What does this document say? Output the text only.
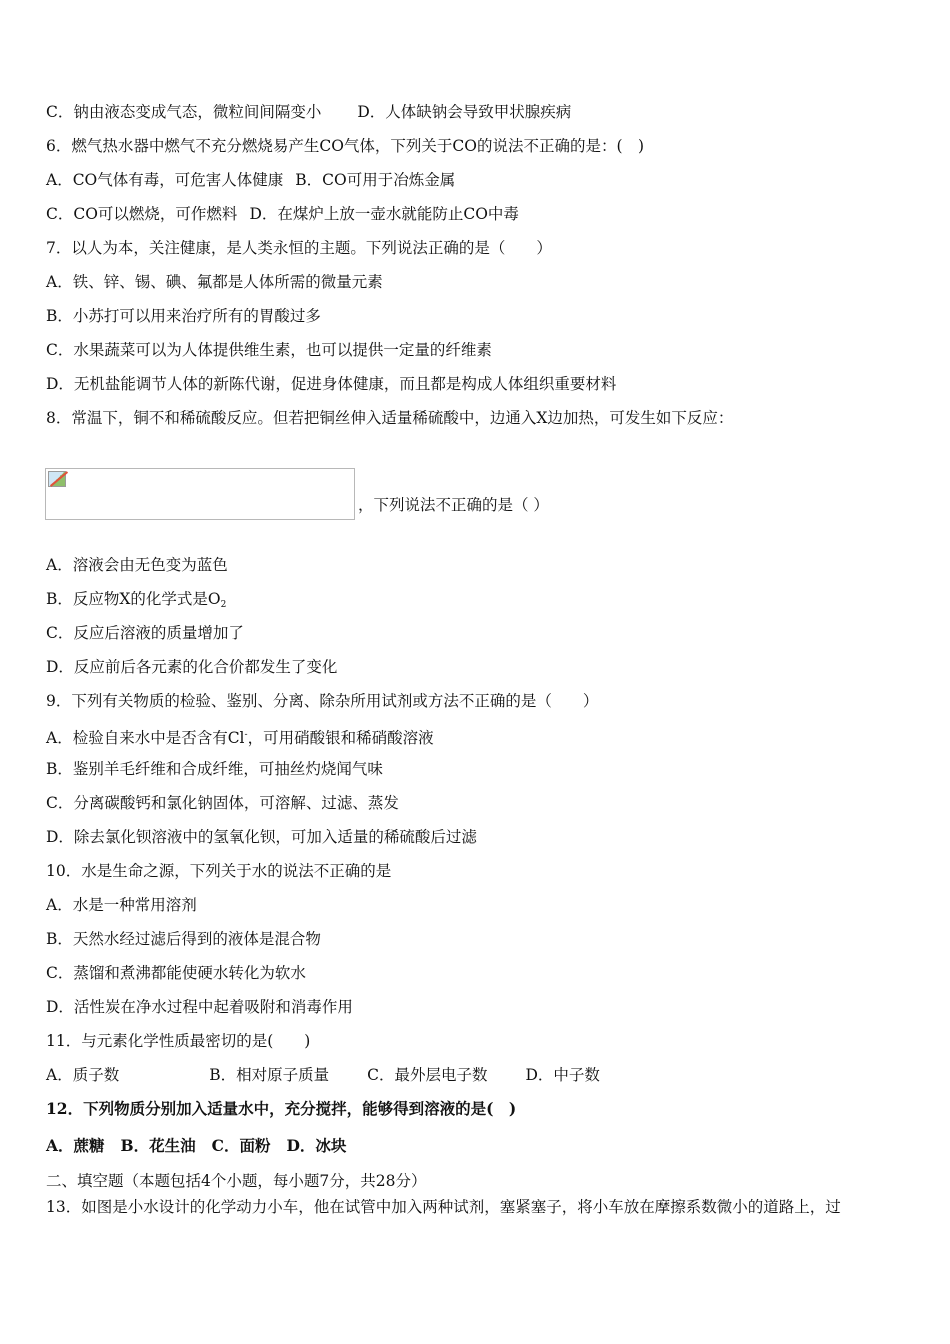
C．钠由液态变成气态，微粒间间隔变小 D．人体缺钠会导致甲状腺疾病
6．燃气热水器中燃气不充分燃烧易产生CO气体，下列关于CO的说法不正确的是：(　)
A．CO气体有毒，可危害人体健康 B．CO可用于冶炼金属
C．CO可以燃烧，可作燃料 D．在煤炉上放一壶水就能防止CO中毒
7．以人为本，关注健康，是人类永恒的主题。下列说法正确的是（　　）
A．铁、锌、锡、碘、氟都是人体所需的微量元素
B．小苏打可以用来治疗所有的胃酸过多
C．水果蔬菜可以为人体提供维生素，也可以提供一定量的纤维素
D．无机盐能调节人体的新陈代谢，促进身体健康，而且都是构成人体组织重要材料
8．常温下，铜不和稀硫酸反应。但若把铜丝伸入适量稀硫酸中，边通入X边加热，可发生如下反应：
，下列说法不正确的是（ ）
A．溶液会由无色变为蓝色
B．反应物X的化学式是$O_2$
C．反应后溶液的质量增加了
D．反应前后各元素的化合价都发生了变化
9．下列有关物质的检验、鉴别、分离、除杂所用试剂或方法不正确的是（　　）
A．检验自来水中是否含有Cl-，可用硝酸银和稀硝酸溶液
B．鉴别羊毛纤维和合成纤维，可抽丝灼烧闻气味
C．分离碳酸钙和氯化钠固体，可溶解、过滤、蒸发
D．除去氯化钡溶液中的氢氧化钡，可加入适量的稀硫酸后过滤
10．水是生命之源，下列关于水的说法不正确的是
A．水是一种常用溶剂
B．天然水经过滤后得到的液体是混合物
C．蒸馏和煮沸都能使硬水转化为软水
D．活性炭在净水过程中起着吸附和消毒作用
11．与元素化学性质最密切的是(　　)
A．质子数	B．相对原子质量 C．最外层电子数 D．中子数
12．下列物质分别加入适量水中，充分搅拌，能够得到溶液的是(　)
A．蔗糖 B．花生油 C．面粉 D．冰块
二、填空题（本题包括4个小题，每小题7分，共28分）
13．如图是小水设计的化学动力小车，他在试管中加入两种试剂，塞紧塞子，将小车放在摩擦系数微小的道路上，过
